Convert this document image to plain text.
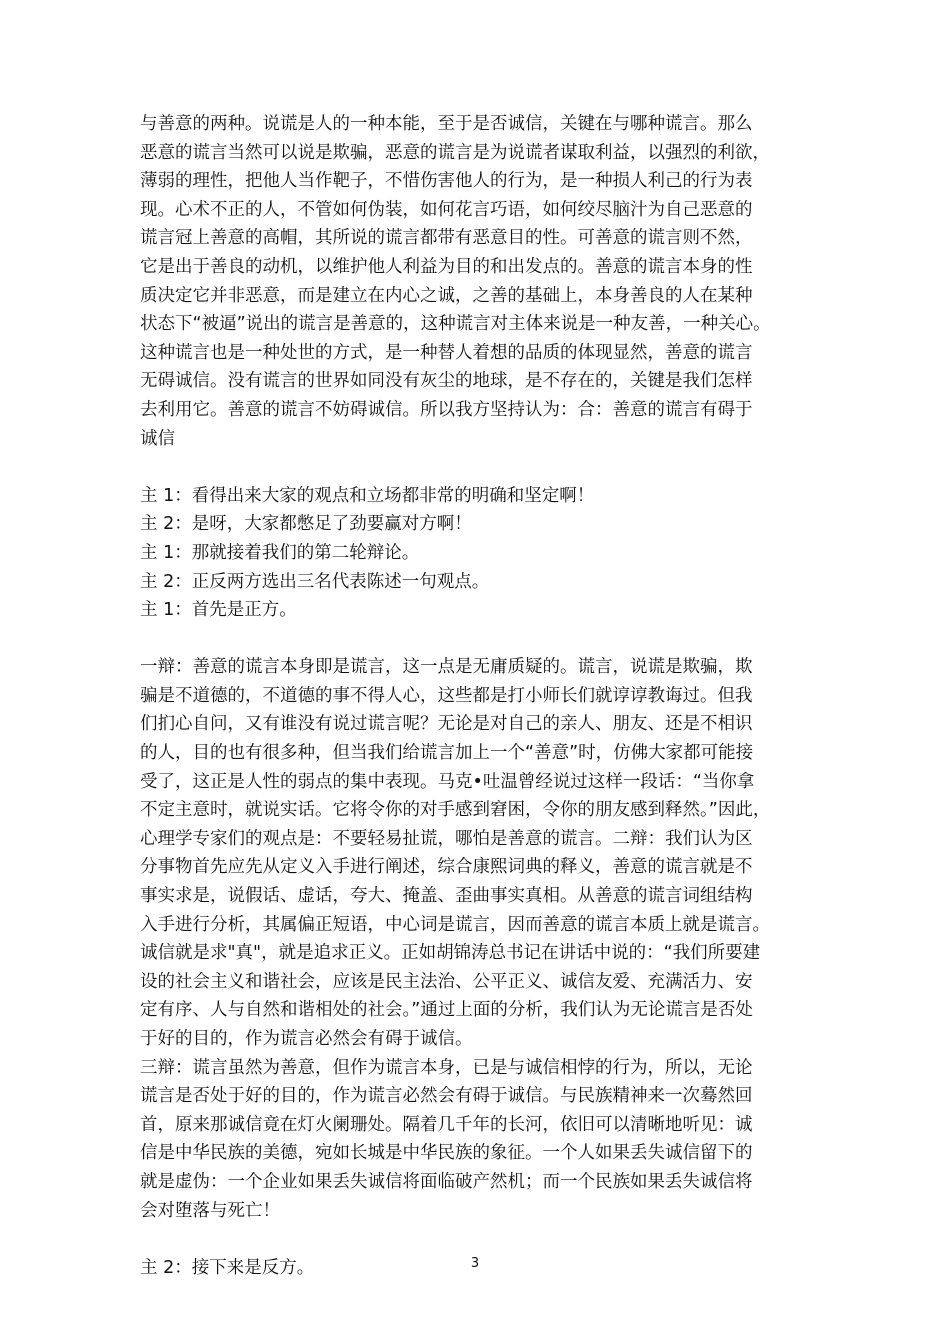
与善意的两种。说谎是人的一种本能，至于是否诚信，关键在与哪种谎言。那么
恶意的谎言当然可以说是欺骗，恶意的谎言是为说谎者谋取利益，以强烈的利欲，
薄弱的理性，把他人当作靶子，不惜伤害他人的行为，是一种损人利己的行为表
现。心术不正的人，不管如何伪装，如何花言巧语，如何绞尽脑汁为自己恶意的
谎言冠上善意的高帽，其所说的谎言都带有恶意目的性。可善意的谎言则不然，
它是出于善良的动机，以维护他人利益为目的和出发点的。善意的谎言本身的性
质决定它并非恶意，而是建立在内心之诚，之善的基础上，本身善良的人在某种
状态下“被逼”说出的谎言是善意的，这种谎言对主体来说是一种友善，一种关心。
这种谎言也是一种处世的方式，是一种替人着想的品质的体现显然，善意的谎言
无碍诚信。没有谎言的世界如同没有灰尘的地球，是不存在的，关键是我们怎样
去利用它。善意的谎言不妨碍诚信。所以我方坚持认为：合：善意的谎言有碍于
诚信
主 1：看得出来大家的观点和立场都非常的明确和坚定啊！
主 2：是呀，大家都憋足了劲要赢对方啊！
主 1：那就接着我们的第二轮辩论。
主 2：正反两方选出三名代表陈述一句观点。
主 1：首先是正方。
一辩：善意的谎言本身即是谎言，这一点是无庸质疑的。谎言，说谎是欺骗，欺
骗是不道德的，不道德的事不得人心，这些都是打小师长们就谆谆教诲过。但我
们扪心自问，又有谁没有说过谎言呢？无论是对自己的亲人、朋友、还是不相识
的人，目的也有很多种，但当我们给谎言加上一个“善意”时，仿佛大家都可能接
受了，这正是人性的弱点的集中表现。马克•吐温曾经说过这样一段话：“当你拿
不定主意时，就说实话。它将令你的对手感到窘困，令你的朋友感到释然。”因此，
心理学专家们的观点是：不要轻易扯谎，哪怕是善意的谎言。二辩：我们认为区
分事物首先应先从定义入手进行阐述，综合康熙词典的释义，善意的谎言就是不
事实求是，说假话、虚话，夸大、掩盖、歪曲事实真相。从善意的谎言词组结构
入手进行分析，其属偏正短语，中心词是谎言，因而善意的谎言本质上就是谎言。
诚信就是求"真"，就是追求正义。正如胡锦涛总书记在讲话中说的：“我们所要建
设的社会主义和谐社会，应该是民主法治、公平正义、诚信友爱、充满活力、安
定有序、人与自然和谐相处的社会。”通过上面的分析，我们认为无论谎言是否处
于好的目的，作为谎言必然会有碍于诚信。
三辩：谎言虽然为善意，但作为谎言本身，已是与诚信相悖的行为，所以，无论
谎言是否处于好的目的，作为谎言必然会有碍于诚信。与民族精神来一次蓦然回
首，原来那诚信竟在灯火阑珊处。隔着几千年的长河，依旧可以清晰地听见：诚
信是中华民族的美德，宛如长城是中华民族的象征。一个人如果丢失诚信留下的
就是虚伪：一个企业如果丢失诚信将面临破产然机；而一个民族如果丢失诚信将
会对堕落与死亡！
主 2：接下来是反方。	3
